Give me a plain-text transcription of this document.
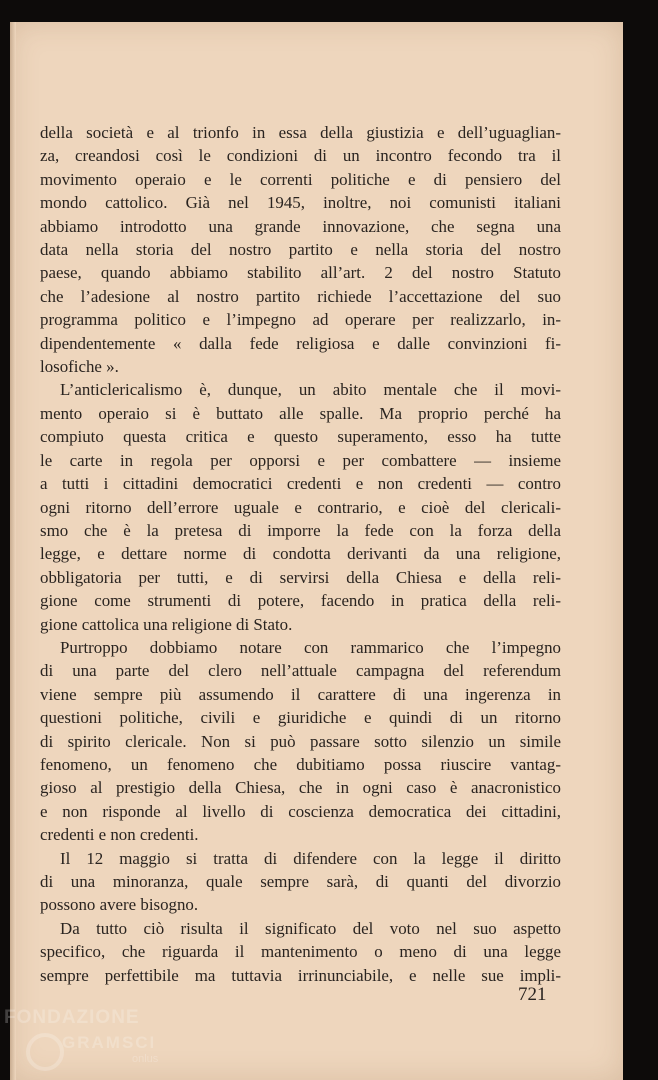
della società e al trionfo in essa della giustizia e dell’uguaglian-
za, creandosi così le condizioni di un incontro fecondo tra il
movimento operaio e le correnti politiche e di pensiero del
mondo cattolico. Già nel 1945, inoltre, noi comunisti italiani
abbiamo introdotto una grande innovazione, che segna una
data nella storia del nostro partito e nella storia del nostro
paese, quando abbiamo stabilito all’art. 2 del nostro Statuto
che l’adesione al nostro partito richiede l’accettazione del suo
programma politico e l’impegno ad operare per realizzarlo, in-
dipendentemente « dalla fede religiosa e dalle convinzioni fi-
losofiche ».

L’anticlericalismo è, dunque, un abito mentale che il movi-
mento operaio si è buttato alle spalle. Ma proprio perché ha
compiuto questa critica e questo superamento, esso ha tutte
le carte in regola per opporsi e per combattere — insieme
a tutti i cittadini democratici credenti e non credenti — contro
ogni ritorno dell’errore uguale e contrario, e cioè del clericali-
smo che è la pretesa di imporre la fede con la forza della
legge, e dettare norme di condotta derivanti da una religione,
obbligatoria per tutti, e di servirsi della Chiesa e della reli-
gione come strumenti di potere, facendo in pratica della reli-
gione cattolica una religione di Stato.

Purtroppo dobbiamo notare con rammarico che l’impegno
di una parte del clero nell’attuale campagna del referendum
viene sempre più assumendo il carattere di una ingerenza in
questioni politiche, civili e giuridiche e quindi di un ritorno
di spirito clericale. Non si può passare sotto silenzio un simile
fenomeno, un fenomeno che dubitiamo possa riuscire vantag-
gioso al prestigio della Chiesa, che in ogni caso è anacronistico
e non risponde al livello di coscienza democratica dei cittadini,
credenti e non credenti.

Il 12 maggio si tratta di difendere con la legge il diritto
di una minoranza, quale sempre sarà, di quanti del divorzio
possono avere bisogno.

Da tutto ciò risulta il significato del voto nel suo aspetto
specifico, che riguarda il mantenimento o meno di una legge
sempre perfettibile ma tuttavia irrinunciabile, e nelle sue impli-

721
FONDAZIONE
GRAMSCI
onlus
